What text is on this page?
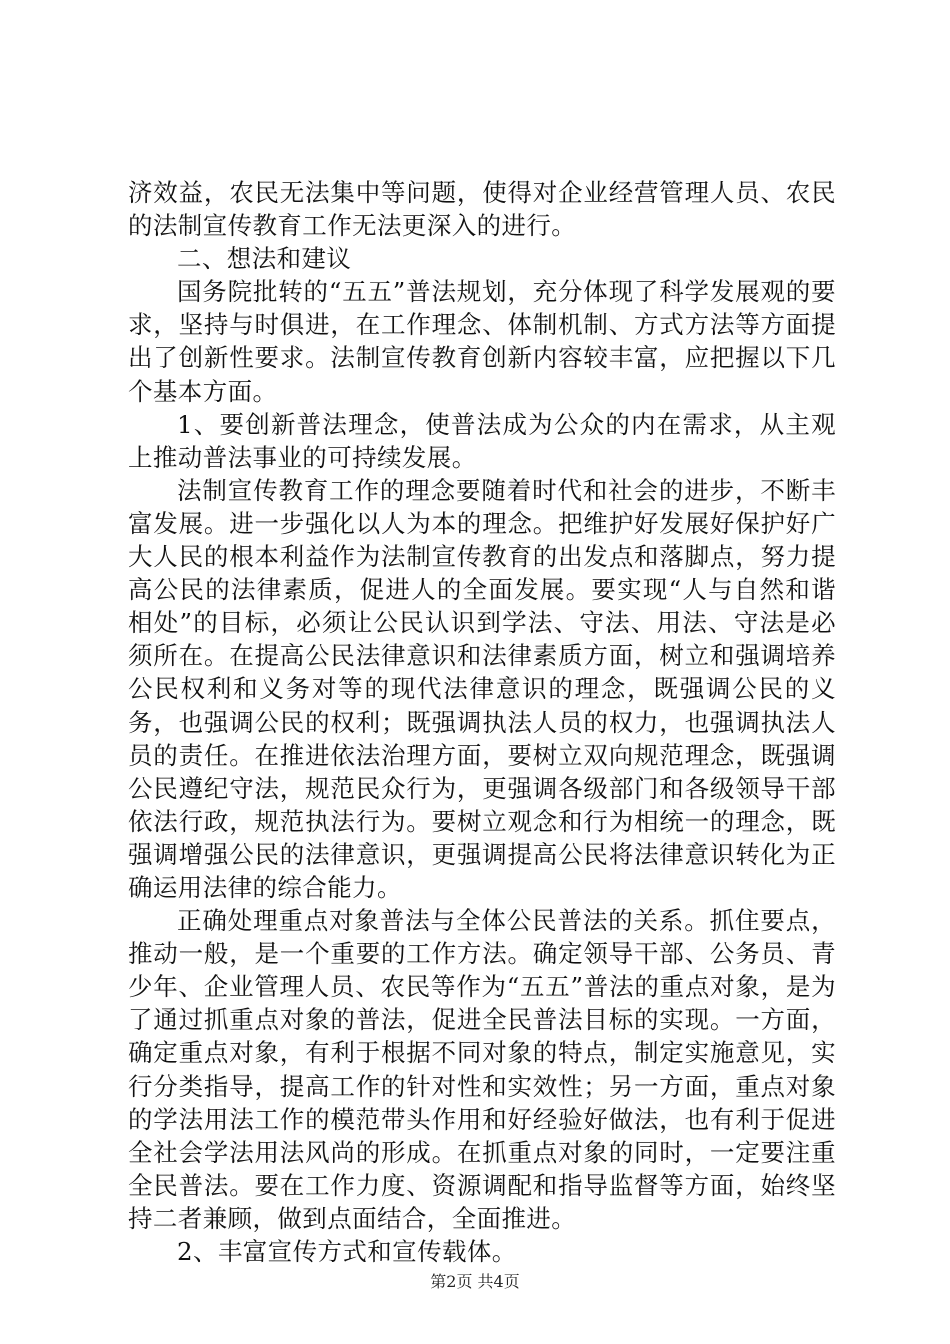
济效益，农民无法集中等问题，使得对企业经营管理人员、农民的法制宣传教育工作无法更深入的进行。

二、想法和建议

国务院批转的“五五”普法规划，充分体现了科学发展观的要求，坚持与时俱进，在工作理念、体制机制、方式方法等方面提出了创新性要求。法制宣传教育创新内容较丰富，应把握以下几个基本方面。

1、要创新普法理念，使普法成为公众的内在需求，从主观上推动普法事业的可持续发展。

法制宣传教育工作的理念要随着时代和社会的进步，不断丰富发展。进一步强化以人为本的理念。把维护好发展好保护好广大人民的根本利益作为法制宣传教育的出发点和落脚点，努力提高公民的法律素质，促进人的全面发展。要实现“人与自然和谐相处”的目标，必须让公民认识到学法、守法、用法、守法是必须所在。在提高公民法律意识和法律素质方面，树立和强调培养公民权利和义务对等的现代法律意识的理念，既强调公民的义务，也强调公民的权利；既强调执法人员的权力，也强调执法人员的责任。在推进依法治理方面，要树立双向规范理念，既强调公民遵纪守法，规范民众行为，更强调各级部门和各级领导干部依法行政，规范执法行为。要树立观念和行为相统一的理念，既强调增强公民的法律意识，更强调提高公民将法律意识转化为正确运用法律的综合能力。

正确处理重点对象普法与全体公民普法的关系。抓住要点，推动一般，是一个重要的工作方法。确定领导干部、公务员、青少年、企业管理人员、农民等作为“五五”普法的重点对象，是为了通过抓重点对象的普法，促进全民普法目标的实现。一方面，确定重点对象，有利于根据不同对象的特点，制定实施意见，实行分类指导，提高工作的针对性和实效性；另一方面，重点对象的学法用法工作的模范带头作用和好经验好做法，也有利于促进全社会学法用法风尚的形成。在抓重点对象的同时，一定要注重全民普法。要在工作力度、资源调配和指导监督等方面，始终坚持二者兼顾，做到点面结合，全面推进。

2、丰富宣传方式和宣传载体。

第2页 共4页
